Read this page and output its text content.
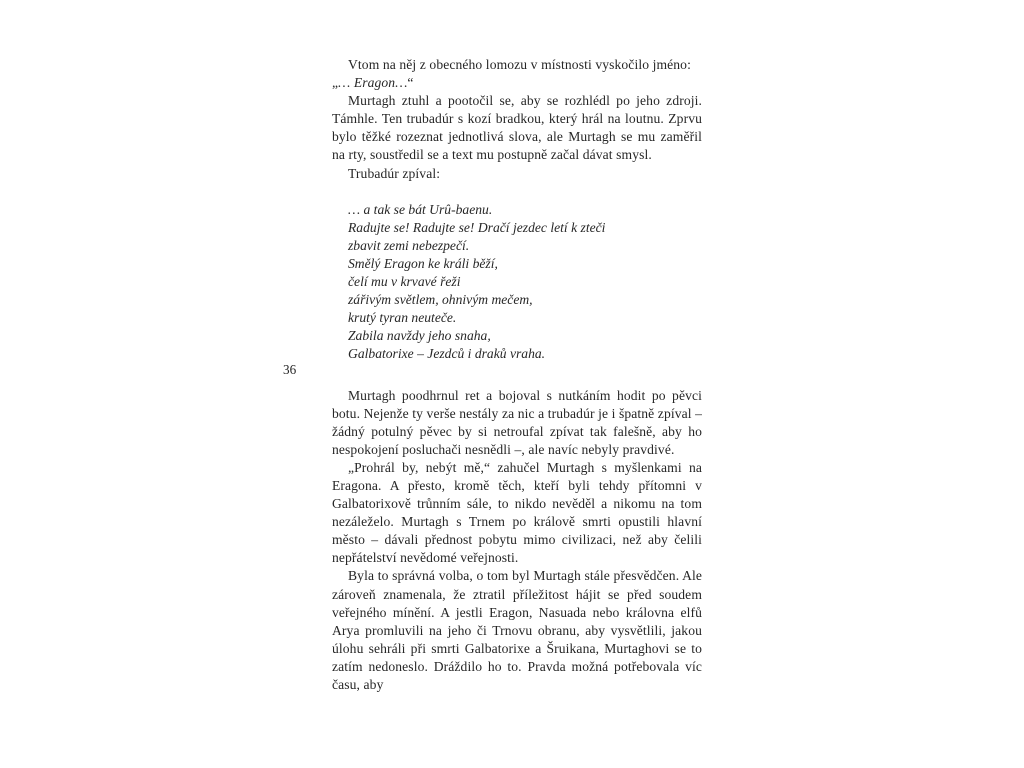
36

Vtom na něj z obecného lomozu v místnosti vyskočilo jméno:

„… Eragon…“

Murtagh ztuhl a pootočil se, aby se rozhlédl po jeho zdroji. Támhle. Ten trubadúr s kozí bradkou, který hrál na loutnu. Zprvu bylo těžké rozeznat jednotlivá slova, ale Murtagh se mu zaměřil na rty, soustředil se a text mu postupně začal dávat smysl.

Trubadúr zpíval:

… a tak se bát Urû-baenu.
Radujte se! Radujte se! Dračí jezdec letí k zteči
zbavit zemi nebezpečí.
Smělý Eragon ke králi běží,
čelí mu v krvavé řeži
zářivým světlem, ohnivým mečem,
krutý tyran neuteče.
Zabila navždy jeho snaha,
Galbatorixe – Jezdců i draků vraha.

Murtagh poodhrnul ret a bojoval s nutkáním hodit po pěvci botu. Nejenže ty verše nestály za nic a trubadúr je i špatně zpíval – žádný potulný pěvec by si netroufal zpívat tak falešně, aby ho nespokojení posluchači nesnědli –, ale navíc nebyly pravdivé.

„Prohrál by, nebýt mě,“ zahučel Murtagh s myšlenkami na Eragona. A přesto, kromě těch, kteří byli tehdy přítomni v Galbatorixově trůnním sále, to nikdo nevěděl a nikomu na tom nezáleželo. Murtagh s Trnem po králově smrti opustili hlavní město – dávali přednost pobytu mimo civilizaci, než aby čelili nepřátelství nevědomé veřejnosti.

Byla to správná volba, o tom byl Murtagh stále přesvědčen. Ale zároveň znamenala, že ztratil příležitost hájit se před soudem veřejného mínění. A jestli Eragon, Nasuada nebo královna elfů Arya promluvili na jeho či Trnovu obranu, aby vysvětlili, jakou úlohu sehráli při smrti Galbatorixe a Šruikana, Murtaghovi se to zatím nedoneslo. Dráždilo ho to. Pravda možná potřebovala víc času, aby
